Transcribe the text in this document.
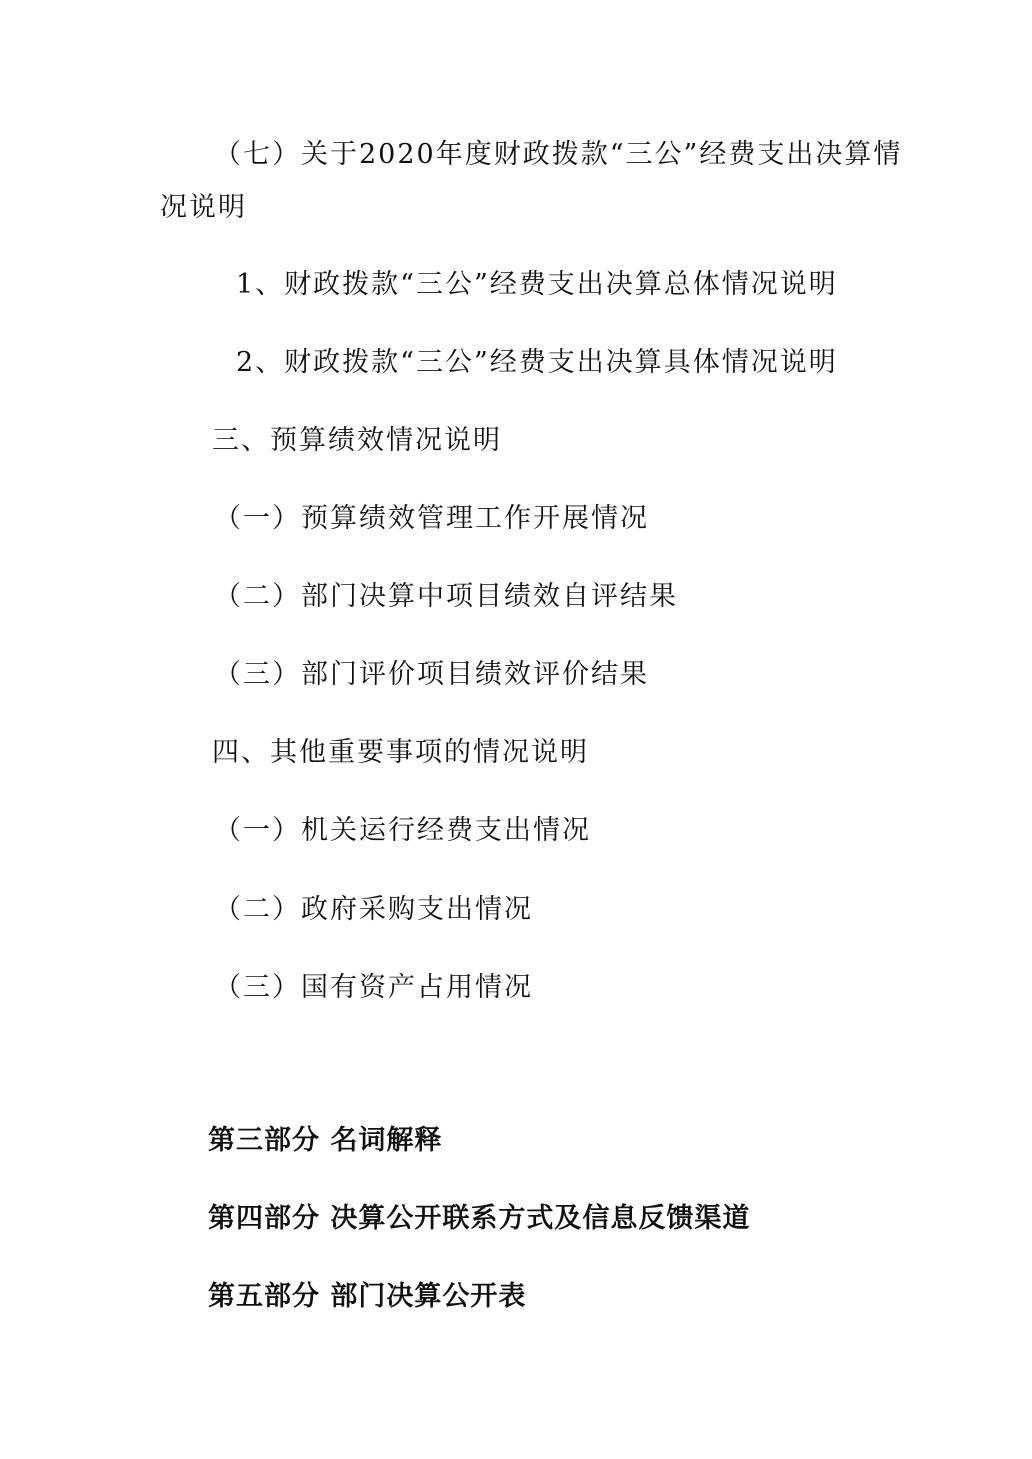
（七）关于2020年度财政拨款“三公”经费支出决算情
况说明
1、财政拨款“三公”经费支出决算总体情况说明
2、财政拨款“三公”经费支出决算具体情况说明
三、预算绩效情况说明
（一）预算绩效管理工作开展情况
（二）部门决算中项目绩效自评结果
（三）部门评价项目绩效评价结果
四、其他重要事项的情况说明
（一）机关运行经费支出情况
（二）政府采购支出情况
（三）国有资产占用情况
第三部分 名词解释
第四部分 决算公开联系方式及信息反馈渠道
第五部分 部门决算公开表
